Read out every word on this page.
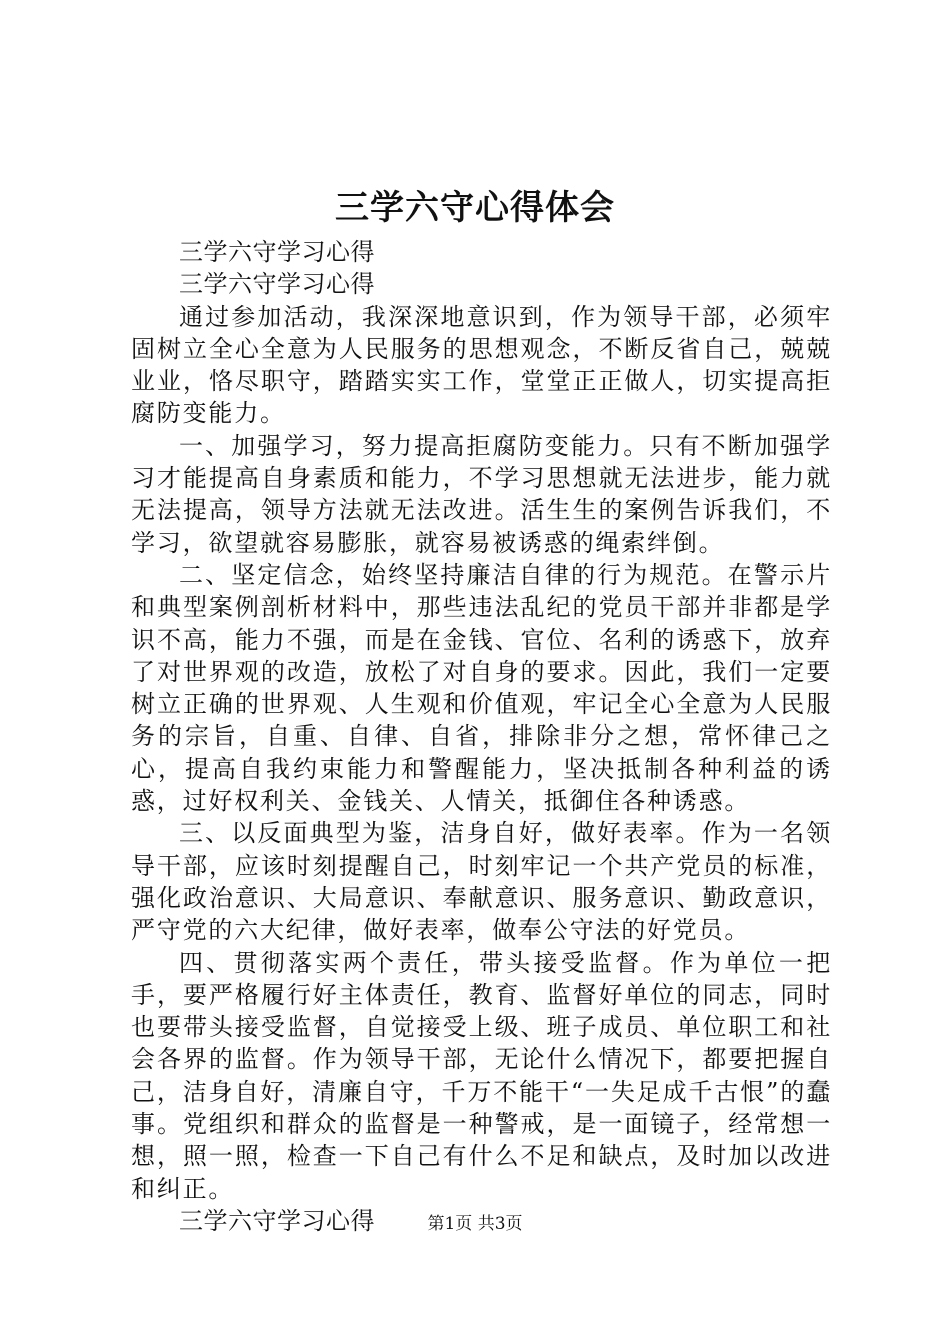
三学六守心得体会

三学六守学习心得

三学六守学习心得

通过参加活动，我深深地意识到，作为领导干部，必须牢固树立全心全意为人民服务的思想观念，不断反省自己，兢兢业业，恪尽职守，踏踏实实工作，堂堂正正做人，切实提高拒腐防变能力。

一、加强学习，努力提高拒腐防变能力。只有不断加强学习才能提高自身素质和能力，不学习思想就无法进步，能力就无法提高，领导方法就无法改进。活生生的案例告诉我们，不学习，欲望就容易膨胀，就容易被诱惑的绳索绊倒。

二、坚定信念，始终坚持廉洁自律的行为规范。在警示片和典型案例剖析材料中，那些违法乱纪的党员干部并非都是学识不高，能力不强，而是在金钱、官位、名利的诱惑下，放弃了对世界观的改造，放松了对自身的要求。因此，我们一定要树立正确的世界观、人生观和价值观，牢记全心全意为人民服务的宗旨，自重、自律、自省，排除非分之想，常怀律己之心，提高自我约束能力和警醒能力，坚决抵制各种利益的诱惑，过好权利关、金钱关、人情关，抵御住各种诱惑。

三、以反面典型为鉴，洁身自好，做好表率。作为一名领导干部，应该时刻提醒自己，时刻牢记一个共产党员的标准，强化政治意识、大局意识、奉献意识、服务意识、勤政意识，严守党的六大纪律，做好表率，做奉公守法的好党员。

四、贯彻落实两个责任，带头接受监督。作为单位一把手，要严格履行好主体责任，教育、监督好单位的同志，同时也要带头接受监督，自觉接受上级、班子成员、单位职工和社会各界的监督。作为领导干部，无论什么情况下，都要把握自己，洁身自好，清廉自守，千万不能干“一失足成千古恨”的蠢事。党组织和群众的监督是一种警戒，是一面镜子，经常想一想，照一照，检查一下自己有什么不足和缺点，及时加以改进和纠正。

三学六守学习心得	第1页 共3页
